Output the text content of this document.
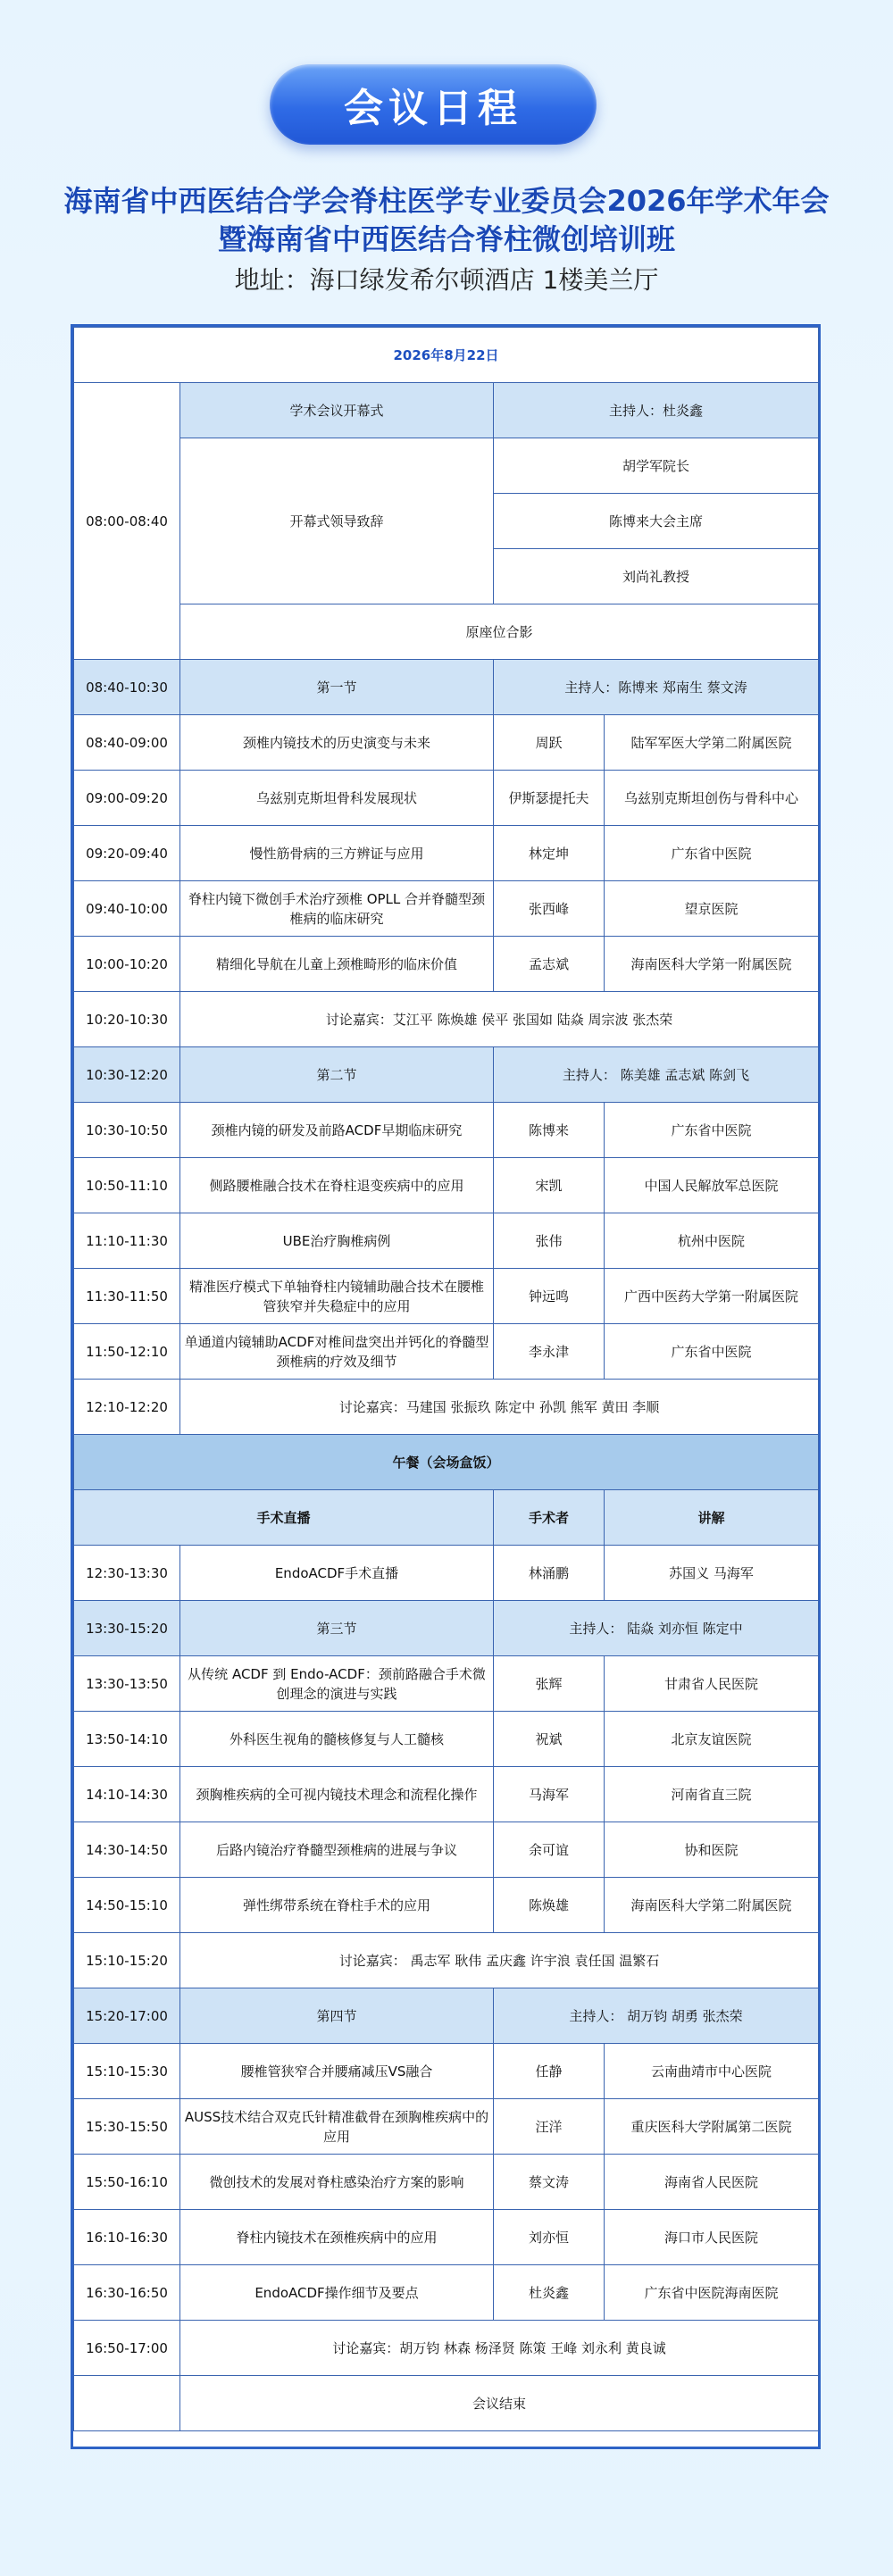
会议日程
海南省中西医结合学会脊柱医学专业委员会2026年学术年会
暨海南省中西医结合脊柱微创培训班
地址：海口绿发希尔顿酒店 1楼美兰厅
2026年8月22日			
08:00-08:40	学术会议开幕式	主持人：杜炎鑫	
	开幕式领导致辞	胡学军院长	
		陈博来大会主席	
		刘尚礼教授	
	原座位合影		
08:40-10:30	第一节	主持人：陈博来 郑南生 蔡文涛	
08:40-09:00	颈椎内镜技术的历史演变与未来	周跃	陆军军医大学第二附属医院
09:00-09:20	乌兹别克斯坦骨科发展现状	伊斯瑟提托夫	乌兹别克斯坦创伤与骨科中心
09:20-09:40	慢性筋骨病的三方辨证与应用	林定坤	广东省中医院
09:40-10:00	脊柱内镜下微创手术治疗颈椎 OPLL 合并脊髓型颈椎病的临床研究	张西峰	望京医院
10:00-10:20	精细化导航在儿童上颈椎畸形的临床价值	孟志斌	海南医科大学第一附属医院
10:20-10:30	讨论嘉宾：艾江平 陈焕雄 侯平 张国如 陆焱 周宗波 张杰荣		
10:30-12:20	第二节	主持人： 陈美雄 孟志斌 陈剑飞	
10:30-10:50	颈椎内镜的研发及前路ACDF早期临床研究	陈博来	广东省中医院
10:50-11:10	侧路腰椎融合技术在脊柱退变疾病中的应用	宋凯	中国人民解放军总医院
11:10-11:30	UBE治疗胸椎病例	张伟	杭州中医院
11:30-11:50	精准医疗模式下单轴脊柱内镜辅助融合技术在腰椎管狭窄并失稳症中的应用	钟远鸣	广西中医药大学第一附属医院
11:50-12:10	单通道内镜辅助ACDF对椎间盘突出并钙化的脊髓型颈椎病的疗效及细节	李永津	广东省中医院
12:10-12:20	讨论嘉宾：马建国 张振玖 陈定中 孙凯 熊军 黄田 李顺		
午餐（会场盒饭）			
手术直播		手术者	讲解
12:30-13:30	EndoACDF手术直播	林涌鹏	苏国义 马海军
13:30-15:20	第三节	主持人： 陆焱 刘亦恒 陈定中	
13:30-13:50	从传统 ACDF 到 Endo-ACDF：颈前路融合手术微创理念的演进与实践	张辉	甘肃省人民医院
13:50-14:10	外科医生视角的髓核修复与人工髓核	祝斌	北京友谊医院
14:10-14:30	颈胸椎疾病的全可视内镜技术理念和流程化操作	马海军	河南省直三院
14:30-14:50	后路内镜治疗脊髓型颈椎病的进展与争议	余可谊	协和医院
14:50-15:10	弹性绑带系统在脊柱手术的应用	陈焕雄	海南医科大学第二附属医院
15:10-15:20	讨论嘉宾： 禹志军 耿伟 孟庆鑫 许宇浪 袁任国 温繁石		
15:20-17:00	第四节	主持人： 胡万钧 胡勇 张杰荣	
15:10-15:30	腰椎管狭窄合并腰痛减压VS融合	任静	云南曲靖市中心医院
15:30-15:50	AUSS技术结合双克氏针精准截骨在颈胸椎疾病中的应用	汪洋	重庆医科大学附属第二医院
15:50-16:10	微创技术的发展对脊柱感染治疗方案的影响	蔡文涛	海南省人民医院
16:10-16:30	脊柱内镜技术在颈椎疾病中的应用	刘亦恒	海口市人民医院
16:30-16:50	EndoACDF操作细节及要点	杜炎鑫	广东省中医院海南医院
16:50-17:00	讨论嘉宾：胡万钧 林森 杨泽贤 陈策 王峰 刘永利 黄良诚		
	会议结束		
